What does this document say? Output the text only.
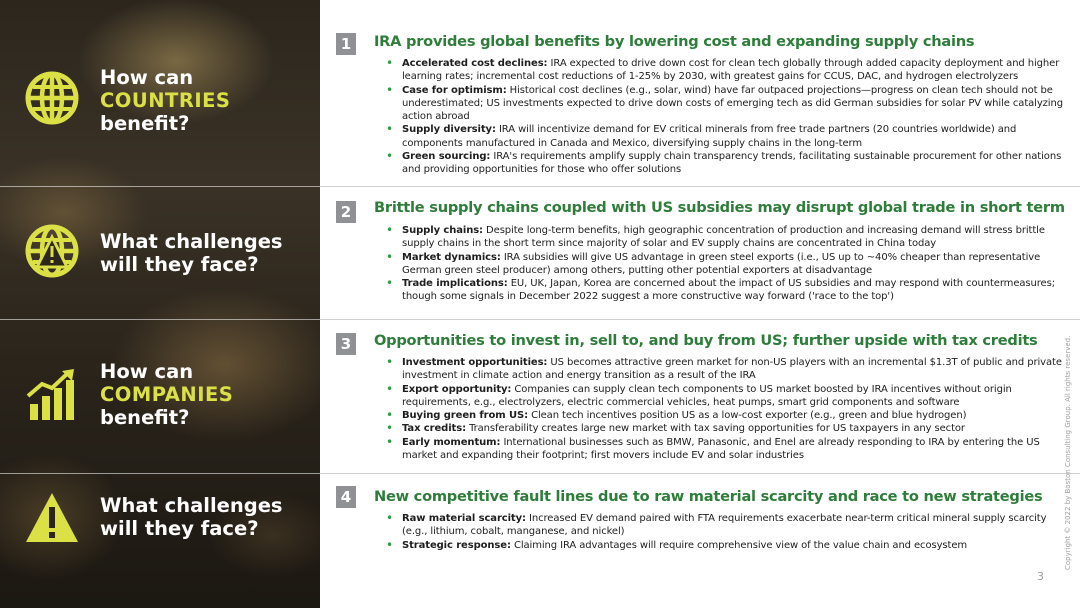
How can
COUNTRIES
benefit?
What challenges
will they face?
How can
COMPANIES
benefit?
What challenges
will they face?
1	IRA provides global benefits by lowering cost and expanding supply chains
• Accelerated cost declines: IRA expected to drive down cost for clean tech globally through added capacity deployment and higher learning rates; incremental cost reductions of 1-25% by 2030, with greatest gains for CCUS, DAC, and hydrogen electrolyzers
• Case for optimism: Historical cost declines (e.g., solar, wind) have far outpaced projections—progress on clean tech should not be underestimated; US investments expected to drive down costs of emerging tech as did German subsidies for solar PV while catalyzing action abroad
• Supply diversity: IRA will incentivize demand for EV critical minerals from free trade partners (20 countries worldwide) and components manufactured in Canada and Mexico, diversifying supply chains in the long-term
• Green sourcing: IRA's requirements amplify supply chain transparency trends, facilitating sustainable procurement for other nations and providing opportunities for those who offer solutions
2	Brittle supply chains coupled with US subsidies may disrupt global trade in short term
• Supply chains: Despite long-term benefits, high geographic concentration of production and increasing demand will stress brittle supply chains in the short term since majority of solar and EV supply chains are concentrated in China today
• Market dynamics: IRA subsidies will give US advantage in green steel exports (i.e., US up to ~40% cheaper than representative German green steel producer) among others, putting other potential exporters at disadvantage
• Trade implications: EU, UK, Japan, Korea are concerned about the impact of US subsidies and may respond with countermeasures; though some signals in December 2022 suggest a more constructive way forward ('race to the top')
3	Opportunities to invest in, sell to, and buy from US; further upside with tax credits
• Investment opportunities: US becomes attractive green market for non-US players with an incremental $1.3T of public and private investment in climate action and energy transition as a result of the IRA
• Export opportunity: Companies can supply clean tech components to US market boosted by IRA incentives without origin requirements, e.g., electrolyzers, electric commercial vehicles, heat pumps, smart grid components and software
• Buying green from US: Clean tech incentives position US as a low-cost exporter (e.g., green and blue hydrogen)
• Tax credits: Transferability creates large new market with tax saving opportunities for US taxpayers in any sector
• Early momentum: International businesses such as BMW, Panasonic, and Enel are already responding to IRA by entering the US market and expanding their footprint; first movers include EV and solar industries
4	New competitive fault lines due to raw material scarcity and race to new strategies
• Raw material scarcity: Increased EV demand paired with FTA requirements exacerbate near-term critical mineral supply scarcity (e.g., lithium, cobalt, manganese, and nickel)
• Strategic response: Claiming IRA advantages will require comprehensive view of the value chain and ecosystem	Copyright © 2022 by Boston Consulting Group. All rights reserved.
3
